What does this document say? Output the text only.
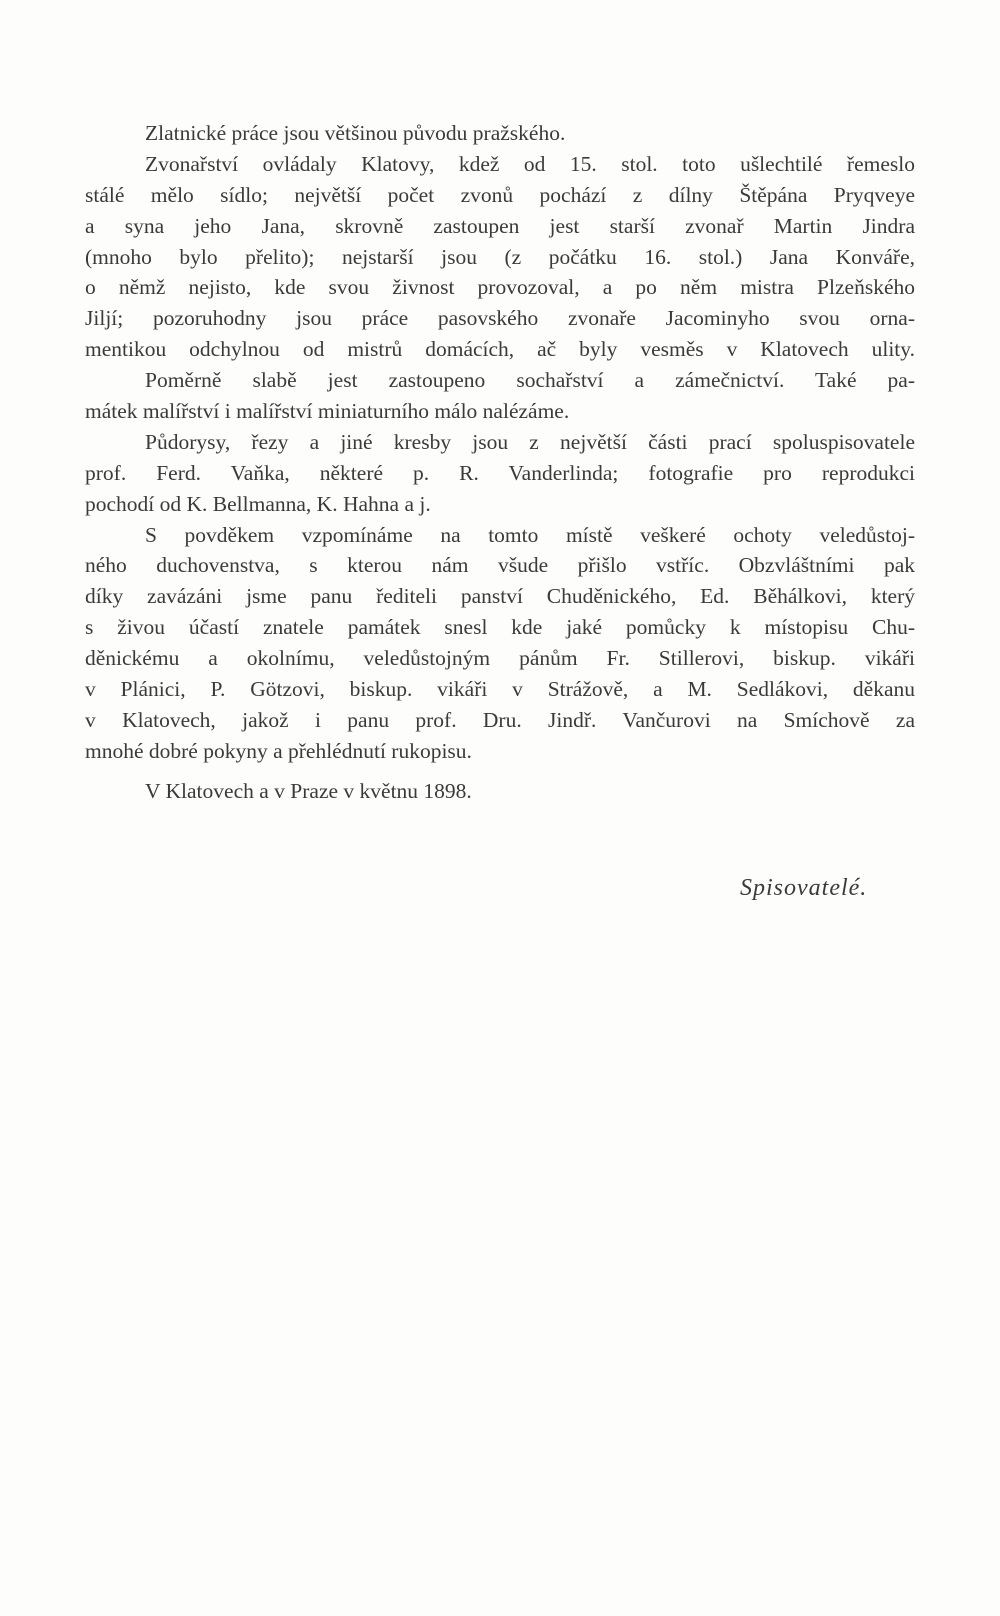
Zlatnické práce jsou většinou původu pražského.
Zvonařství ovládaly Klatovy, kdež od 15. stol. toto ušlechtilé řemeslo
stálé mělo sídlo; největší počet zvonů pochází z dílny Štěpána Pryqveye
a syna jeho Jana, skrovně zastoupen jest starší zvonař Martin Jindra
(mnoho bylo přelito); nejstarší jsou (z počátku 16. stol.) Jana Konváře,
o němž nejisto, kde svou živnost provozoval, a po něm mistra Plzeňského
Jiljí; pozoruhodny jsou práce pasovského zvonaře Jacominyho svou orna-
mentikou odchylnou od mistrů domácích, ač byly vesměs v Klatovech ulity.
Poměrně slabě jest zastoupeno sochařství a zámečnictví. Také pa-
mátek malířství i malířství miniaturního málo nalézáme.
Půdorysy, řezy a jiné kresby jsou z největší části prací spoluspisovatele
prof. Ferd. Vaňka, některé p. R. Vanderlinda; fotografie pro reprodukci
pochodí od K. Bellmanna, K. Hahna a j.
S povděkem vzpomínáme na tomto místě veškeré ochoty veledůstoj-
ného duchovenstva, s kterou nám všude přišlo vstříc. Obzvláštními pak
díky zavázáni jsme panu řediteli panství Chuděnického, Ed. Běhálkovi, který
s živou účastí znatele památek snesl kde jaké pomůcky k místopisu Chu-
děnickému a okolnímu, veledůstojným pánům Fr. Stillerovi, biskup. vikáři
v Plánici, P. Götzovi, biskup. vikáři v Strážově, a M. Sedlákovi, děkanu
v Klatovech, jakož i panu prof. Dru. Jindř. Vančurovi na Smíchově za
mnohé dobré pokyny a přehlédnutí rukopisu.
V Klatovech a v Praze v květnu 1898.
Spisovatelé.
